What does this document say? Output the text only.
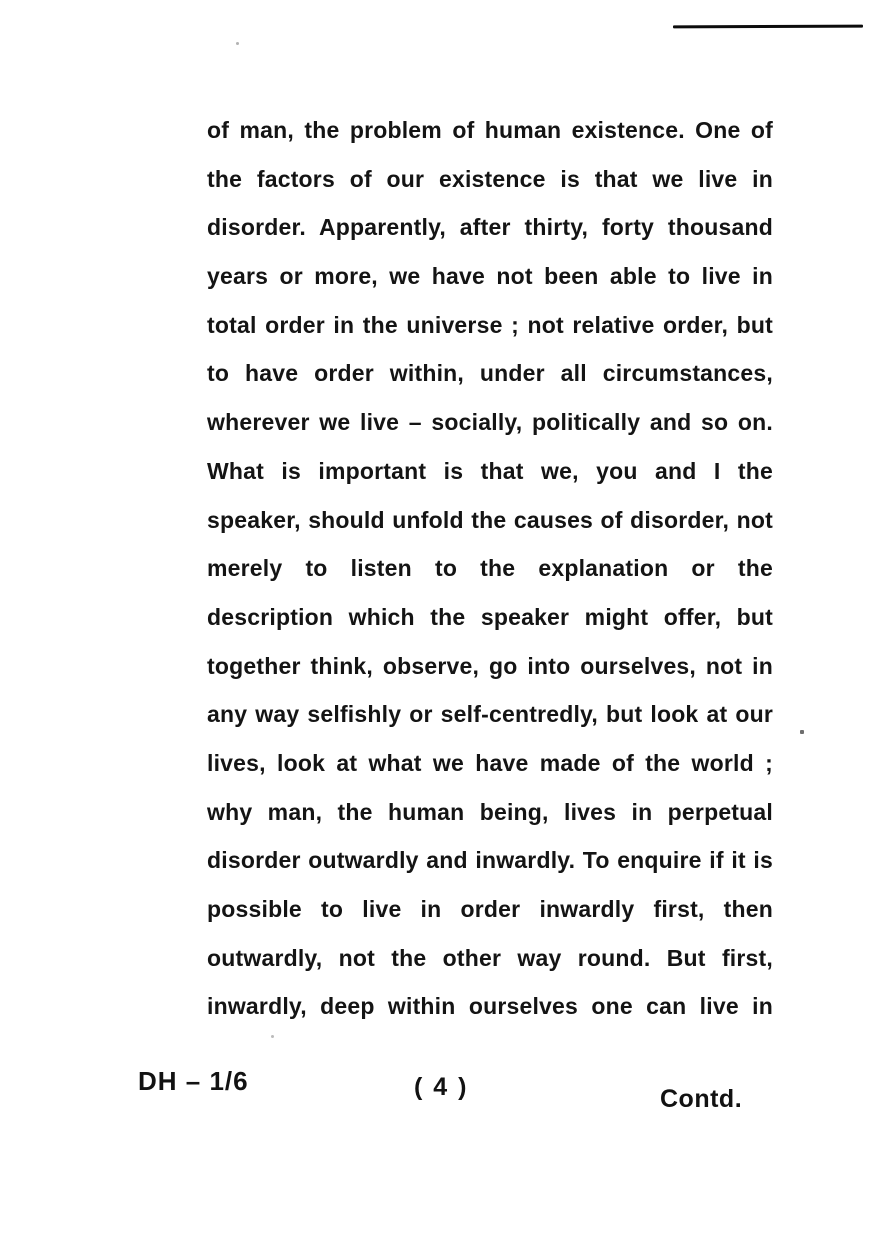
of man, the problem of human existence. One of

the factors of our existence is that we live in

disorder. Apparently, after thirty, forty thousand

years or more, we have not been able to live in

total order in the universe ; not relative order, but

to have order within, under all circumstances,

wherever we live – socially, politically and so on.

What is important is that we, you and I the

speaker, should unfold the causes of disorder, not

merely to listen to the explanation or the

description which the speaker might offer, but

together think, observe, go into ourselves, not in

any way selfishly or self-centredly, but look at our

lives, look at what we have made of the world ;

why man, the human being, lives in perpetual

disorder outwardly and inwardly. To enquire if it is

possible to live in order inwardly first, then

outwardly, not the other way round. But first,

inwardly, deep within ourselves one can live in

DH – 1/6	( 4 )	Contd.
